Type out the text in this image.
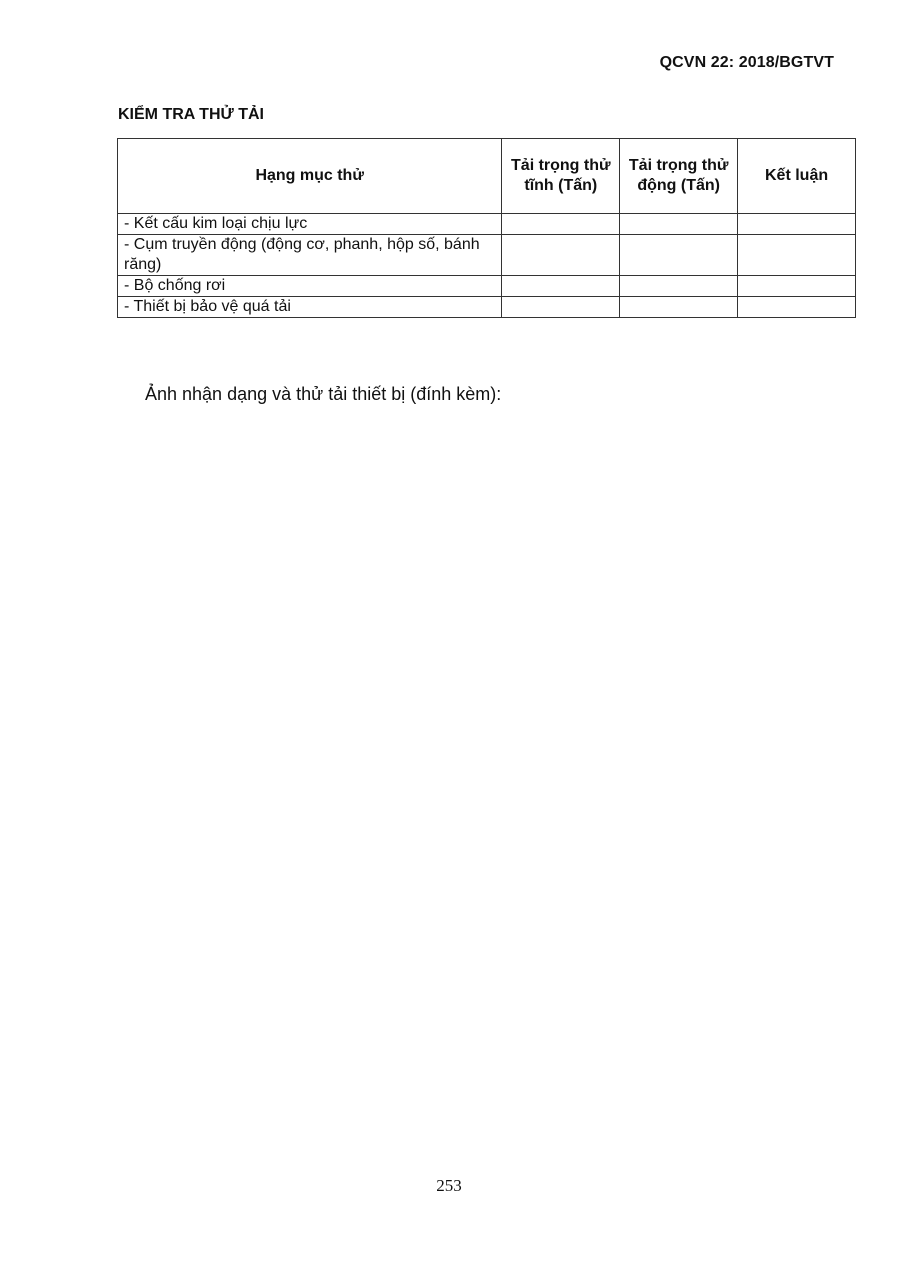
QCVN 22: 2018/BGTVT
KIỂM TRA THỬ TẢI
Hạng mục thử	Tải trọng thử tĩnh (Tấn)	Tải trọng thử động (Tấn)	Kết luận
- Kết cấu kim loại chịu lực			
- Cụm truyền động (động cơ, phanh, hộp số, bánh răng)			
- Bộ chống rơi			
- Thiết bị bảo vệ quá tải			
Ảnh nhận dạng và thử tải thiết bị (đính kèm):
253
